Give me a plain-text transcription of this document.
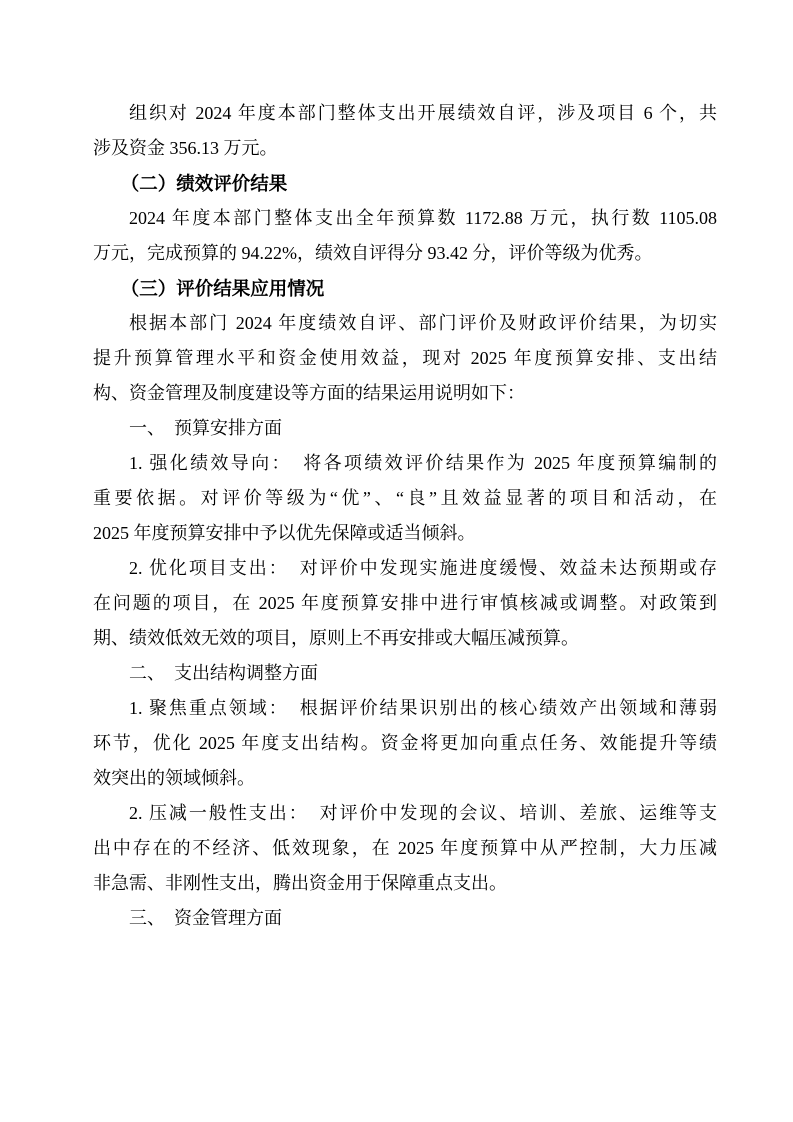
组织对 2024 年度本部门整体支出开展绩效自评，涉及项目 6 个，共
涉及资金 356.13 万元。
（二）绩效评价结果
2024 年度本部门整体支出全年预算数 1172.88 万元，执行数 1105.08
万元，完成预算的 94.22%，绩效自评得分 93.42 分，评价等级为优秀。
（三）评价结果应用情况
根据本部门 2024 年度绩效自评、部门评价及财政评价结果，为切实
提升预算管理水平和资金使用效益，现对 2025 年度预算安排、支出结
构、资金管理及制度建设等方面的结果运用说明如下：
一、　预算安排方面
1. 强化绩效导向：　将各项绩效评价结果作为 2025 年度预算编制的
重要依据。对评价等级为“优”、“良”且效益显著的项目和活动，在
2025 年度预算安排中予以优先保障或适当倾斜。
2. 优化项目支出：　对评价中发现实施进度缓慢、效益未达预期或存
在问题的项目，在 2025 年度预算安排中进行审慎核减或调整。对政策到
期、绩效低效无效的项目，原则上不再安排或大幅压减预算。
二、　支出结构调整方面
1. 聚焦重点领域：　根据评价结果识别出的核心绩效产出领域和薄弱
环节，优化 2025 年度支出结构。资金将更加向重点任务、效能提升等绩
效突出的领域倾斜。
2. 压减一般性支出：　对评价中发现的会议、培训、差旅、运维等支
出中存在的不经济、低效现象，在 2025 年度预算中从严控制，大力压减
非急需、非刚性支出，腾出资金用于保障重点支出。
三、　资金管理方面
